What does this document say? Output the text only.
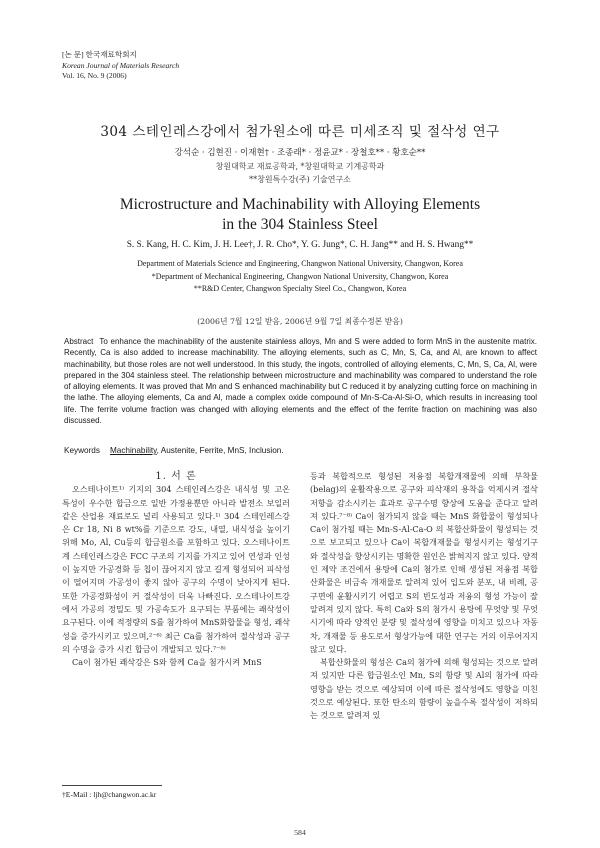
[논 문] 한국재료학회지
Korean Journal of Materials Research
Vol. 16, No. 9 (2006)
304 스테인레스강에서 첨가원소에 따른 미세조직 및 절삭성 연구
강석순 · 김현진 · 이재현† · 조종래* · 정윤교* · 장철호** · 황호순**
창원대학교 재료공학과, *창원대학교 기계공학과
**창원특수강(주) 기술연구소
Microstructure and Machinability with Alloying Elements
in the 304 Stainless Steel
S. S. Kang, H. C. Kim, J. H. Lee†, J. R. Cho*, Y. G. Jung*, C. H. Jang** and H. S. Hwang**
Department of Materials Science and Engineering, Changwon National University, Changwon, Korea
*Department of Mechanical Engineering, Changwon National University, Changwon, Korea
**R&D Center, Changwon Specialty Steel Co., Changwon, Korea
(2006년 7월 12일 받음, 2006년 9월 7일 최종수정본 받음)
Abstract To enhance the machinability of the austenite stainless alloys, Mn and S were added to form MnS in the austenite matrix. Recently, Ca is also added to increase machinability. The alloying elements, such as C, Mn, S, Ca, and Al, are known to affect machinability, but those roles are not well understood. In this study, the ingots, controlled of alloying elements, C, Mn, S, Ca, Al, were prepared in the 304 stainless steel. The relationship between microstructure and machinability was compared to understand the role of alloying elements. It was proved that Mn and S enhanced machinability but C reduced it by analyzing cutting force on machining in the lathe. The alloying elements, Ca and Al, made a complex oxide compound of Mn-S-Ca-Al-Si-O, which results in increasing tool life. The ferrite volume fraction was changed with alloying elements and the effect of the ferrite fraction on machining was also discussed.
Keywords Machinability, Austenite, Ferrite, MnS, Inclusion.

1. 서 론

오스테나이트¹⁾ 기지의 304 스테인레스강은 내식성 및 고온 특성이 우수한 합금으로 일반 가정용뿐만 아니라 발전소 보일러 같은 산업용 재료로도 널리 사용되고 있다.¹⁾ 304 스테인레스강은 Cr 18, Ni 8 wt%를 기준으로 강도, 내열, 내식성을 높이기 위해 Mo, Al, Cu등의 합금원소를 포함하고 있다. 오스테나이트계 스테인레스강은 FCC 구조의 기지를 가지고 있어 연성과 인성이 높지만 가공경화 등 칩이 끊어지지 않고 길게 형성되어 피삭성이 떨어지며 가공성이 좋지 않아 공구의 수명이 낮아지게 된다. 또한 가공경화성이 커 절삭성이 더욱 나빠진다. 오스테나이트강에서 가공의 정밀도 및 가공속도가 요구되는 부품에는 쾌삭성이 요구된다. 이에 적정량의 S를 첨가하여 MnS화합물을 형성, 쾌삭성을 증가시키고 있으며,²⁻⁶⁾ 최근 Ca를 첨가하여 절삭성과 공구의 수명을 증가 시킨 합금이 개발되고 있다.⁷⁻⁸⁾

Ca이 첨가된 쾌삭강은 S와 함께 Ca을 첨가시켜 MnS

등과 복합적으로 형성된 저융점 복합개재물에 의해 부착물(belag)의 윤활작용으로 공구와 피삭재의 용착을 억제시켜 절삭저항을 감소시키는 효과로 공구수명 향상에 도움을 준다고 알려져 있다.⁷⁻⁸⁾ Ca이 첨가되지 않을 때는 MnS 화합물이 형성되나 Ca이 첨가될 때는 Mn-S-Al-Ca-O 의 복합산화물이 형성되는 것으로 보고되고 있으나 Ca이 복합개재물을 형성시키는 형성기구와 절삭성을 향상시키는 명확한 원인은 밝혀지지 않고 있다. 양적인 제약 조건에서 용탕에 Ca의 첨가로 인해 생성된 저융점 복합 산화물은 비금속 개재물로 알려져 있어 입도와 분포, 내 비례, 공구면에 윤활시키기 어렵고 S의 빈도성과 저융의 형성 가능이 잘 알려져 있지 않다. 특히 Ca와 S의 첨가시 용탕에 무엇양 및 무엇 시기에 따라 양적인 분량 및 절삭성에 영향을 미치고 있으나 자동차, 개재물 등 용도로서 형상가능에 대한 연구는 거의 이루어지지 않고 있다.

복합산화물의 형성은 Ca의 첨가에 의해 형성되는 것으로 알려져 있지만 다른 합금원소인 Mn, S의 함량 및 Al의 첨가에 따라 영향을 받는 것으로 예상되며 이에 따른 절삭성에도 영향을 미친 것으로 예상된다. 또한 탄소의 함량이 높을수록 절삭성이 저하되는 것으로 알려져 있

†E-Mail : ljh@changwon.ac.kr
584
